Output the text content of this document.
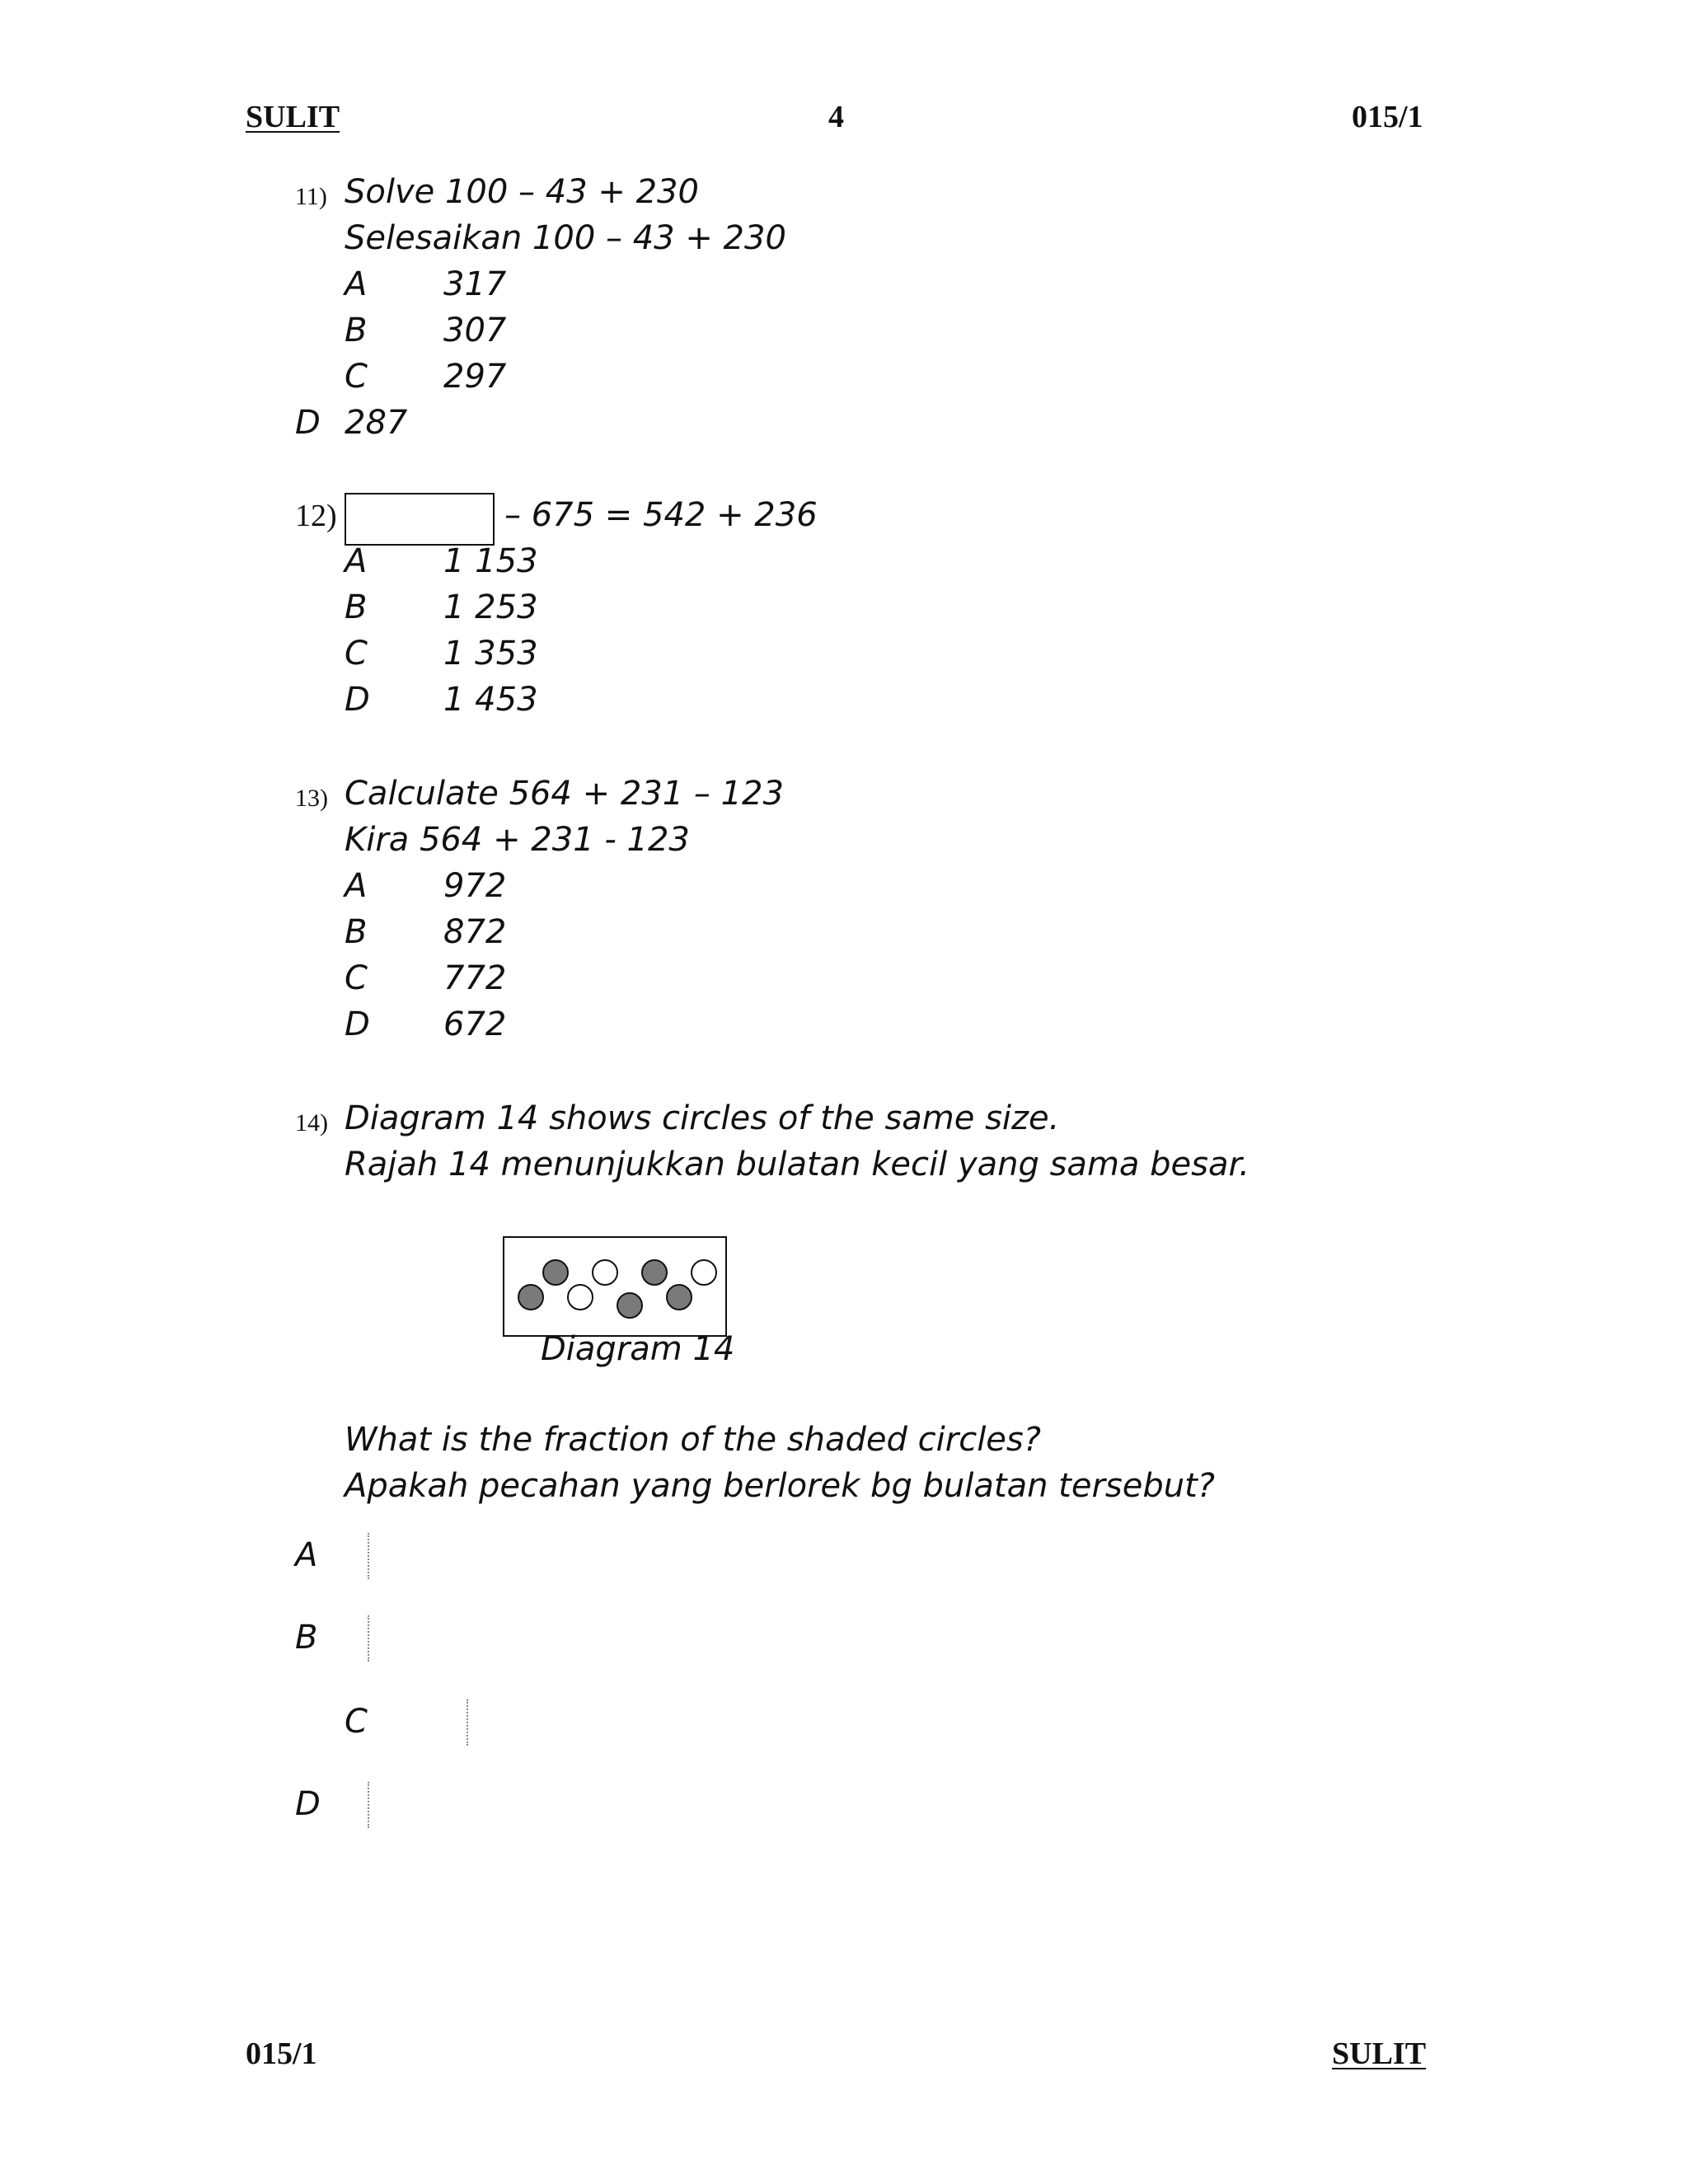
SULIT	4	015/1
11) Solve 100 – 43 + 230
Selesaikan 100 – 43 + 230
A 317
B 307
C 297
D 287
12)	– 675 = 542 + 236
A 1 153
B 1 253
C 1 353
D 1 453
13) Calculate 564 + 231 – 123
Kira 564 + 231 - 123
A 972
B 872
C 772
D 672
14) Diagram 14 shows circles of the same size.
Rajah 14 menunjukkan bulatan kecil yang sama besar.
Diagram 14
What is the fraction of the shaded circles?
Apakah pecahan yang berlorek bg bulatan tersebut?
A
B
C
D
015/1	SULIT
